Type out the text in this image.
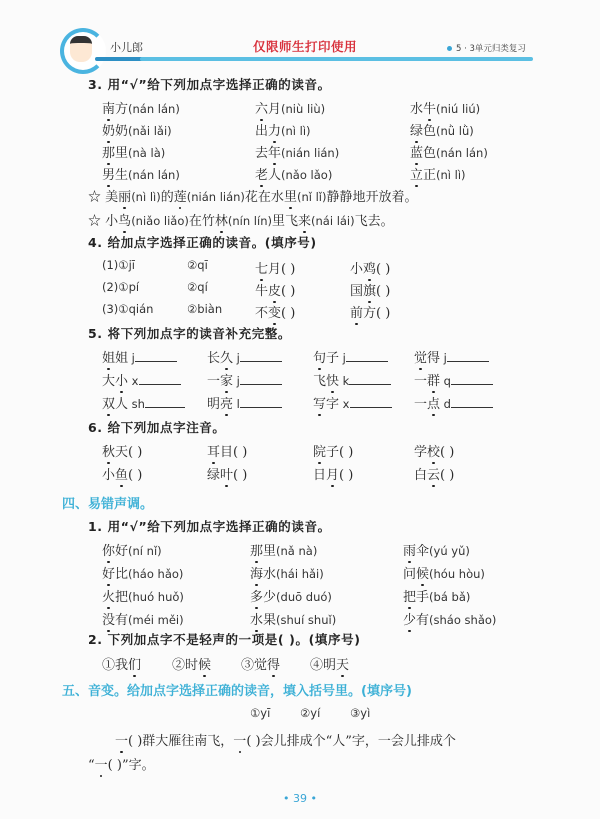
小儿郎	仅限师生打印使用	5 · 3单元归类复习
3. 用“√”给下列加点字选择正确的读音。
南方(nán lán)	六月(niù liù)	水牛(niú liú)
奶奶(nǎi lǎi)	出力(nì lì)	绿色(nǜ lǜ)
那里(nà là)	去年(nián lián)	蓝色(nán lán)
男生(nán lán)	老人(nǎo lǎo)	立正(nì lì)
☆ 美丽(nì lì)的莲(nián lián)花在水里(nǐ lǐ)静静地开放着。
☆ 小鸟(niǎo liǎo)在竹林(nín lín)里飞来(nái lái)飞去。
4. 给加点字选择正确的读音。(填序号)
(1)①jī	②qī	七月( )	小鸡( )
(2)①pí	②qí	牛皮( )	国旗( )
(3)①qián	②biàn	不变( )	前方( )
5. 将下列加点字的读音补充完整。
姐姐 j	长久 j	句子 j	觉得 j
大小 x	一家 j	飞快 k	一群 q
双人 sh	明亮 l	写字 x	一点 d
6. 给下列加点字注音。
秋天( )	耳目( )	院子( )	学校( )
小鱼( )	绿叶( )	日月( )	白云( )
四、易错声调。
1. 用“√”给下列加点字选择正确的读音。
你好(ní nǐ)	那里(nǎ nà)	雨伞(yú yǔ)
好比(háo hǎo)	海水(hái hǎi)	问候(hóu hòu)
火把(huó huǒ)	多少(duō duó)	把手(bá bǎ)
没有(méi měi)	水果(shuí shuǐ)	少有(sháo shǎo)
2. 下列加点字不是轻声的一项是( )。(填序号)
①我们 ②时候 ③觉得 ④明天
五、音变。给加点字选择正确的读音，填入括号里。(填序号)
①yī	②yí	③yì
一( )群大雁往南飞，一( )会儿排成个“人”字，一会儿排成个
“一( )”字。
• 39 •
